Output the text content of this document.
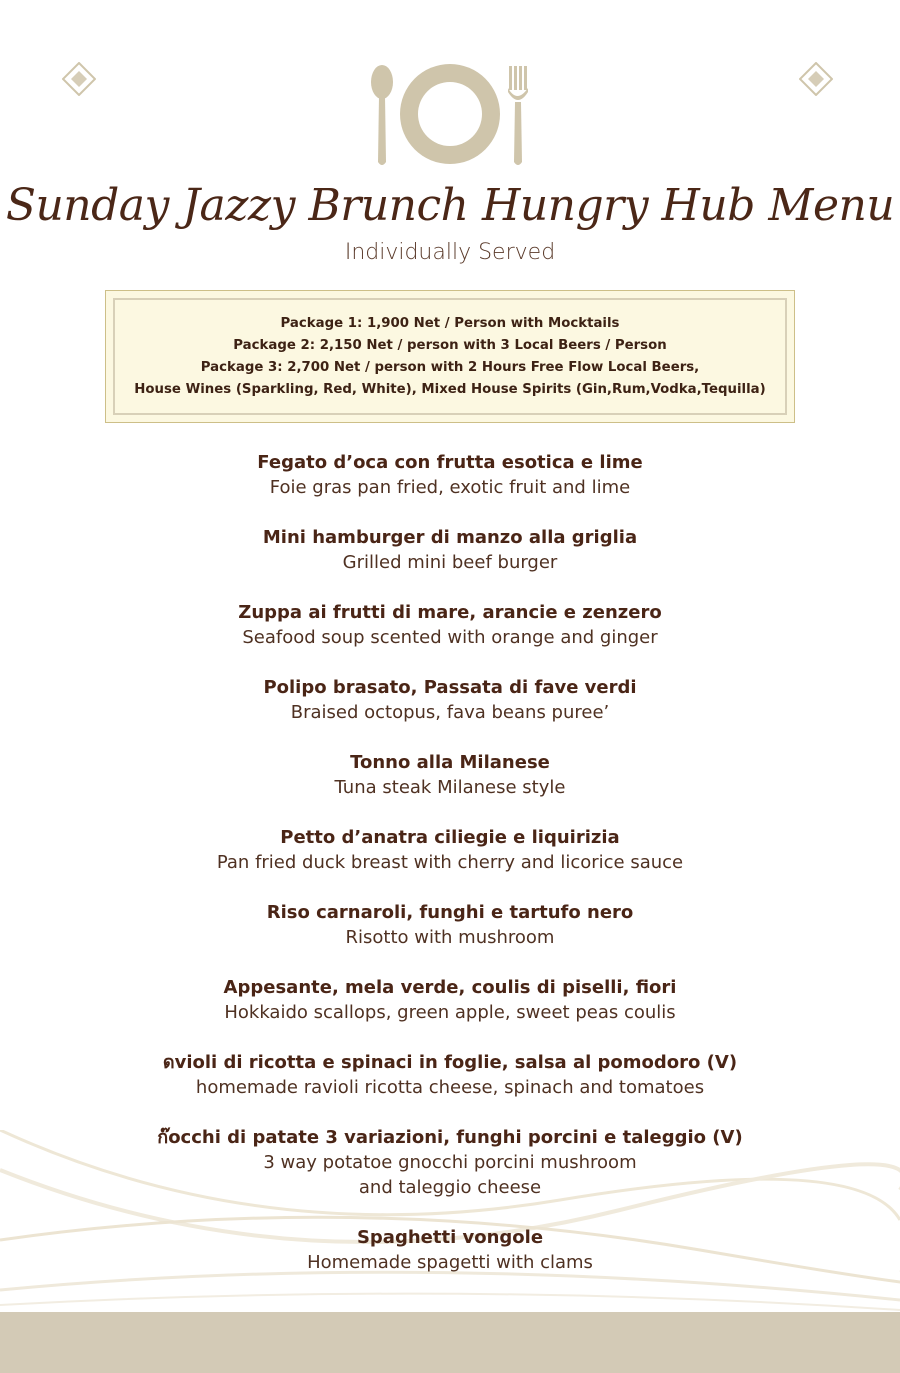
Sunday Jazzy Brunch Hungry Hub Menu
Individually Served
Package 1: 1,900 Net / Person with Mocktails
Package 2: 2,150 Net / person with 3 Local Beers / Person
Package 3: 2,700 Net / person with 2 Hours Free Flow Local Beers,
House Wines (Sparkling, Red, White), Mixed House Spirits (Gin,Rum,Vodka,Tequilla)
Fegato d’oca con frutta esotica e lime
Foie gras pan fried, exotic fruit and lime
Mini hamburger di manzo alla griglia
Grilled mini beef burger
Zuppa ai frutti di mare, arancie e zenzero
Seafood soup scented with orange and ginger
Polipo brasato, Passata di fave verdi
Braised octopus, fava beans puree’
Tonno alla Milanese
Tuna steak Milanese style
Petto d’anatra ciliegie e liquirizia
Pan fried duck breast with cherry and licorice sauce
Riso carnaroli, funghi e tartufo nero
Risotto with mushroom
Appesante, mela verde, coulis di piselli, fiori
Hokkaido scallops, green apple, sweet peas coulis
ดvioli di ricotta e spinaci in foglie, salsa al pomodoro (V)
homemade ravioli ricotta cheese, spinach and tomatoes
ก๊occhi di patate 3 variazioni, funghi porcini e taleggio (V)
3 way potatoe gnocchi porcini mushroom
and taleggio cheese
Spaghetti vongole
Homemade spagetti with clams
